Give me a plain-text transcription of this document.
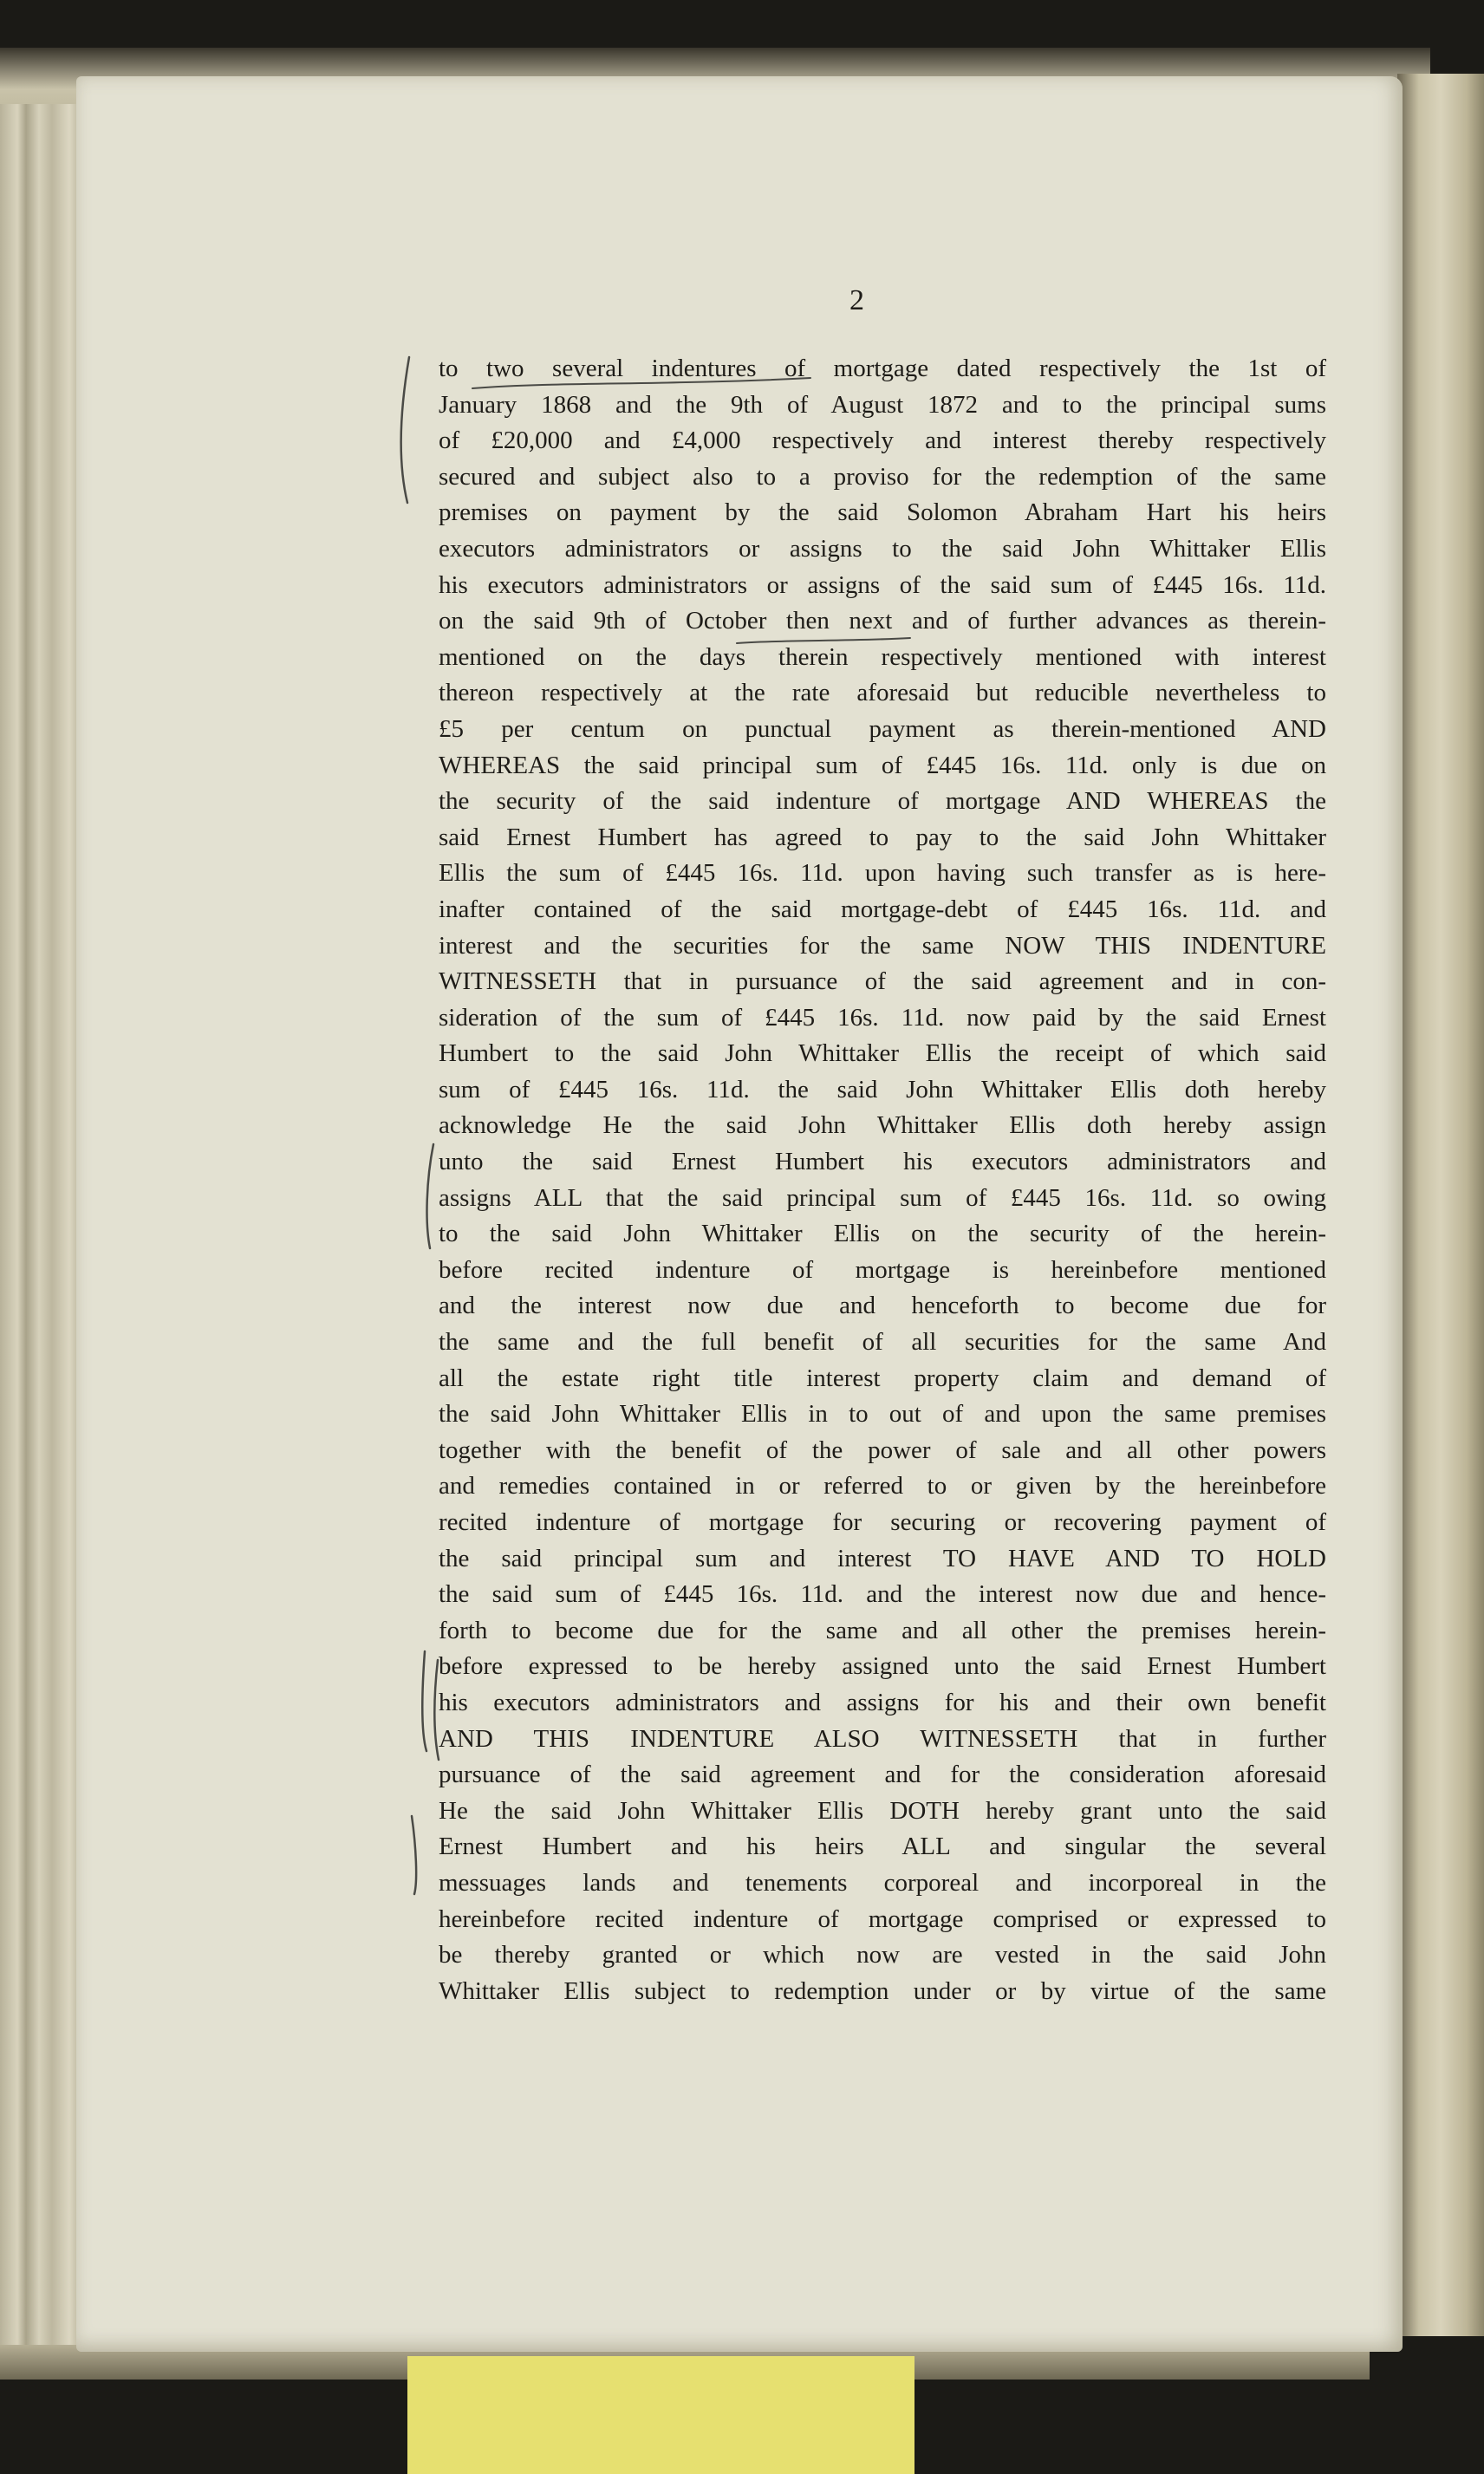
2
to two several indentures of mortgage dated respectively the 1st of
January 1868 and the 9th of August 1872 and to the principal sums
of £20,000 and £4,000 respectively and interest thereby respectively
secured and subject also to a proviso for the redemption of the same
premises on payment by the said Solomon Abraham Hart his heirs
executors administrators or assigns to the said John Whittaker Ellis
his executors administrators or assigns of the said sum of £445 16s. 11d.
on the said 9th of October then next and of further advances as therein-
mentioned on the days therein respectively mentioned with interest
thereon respectively at the rate aforesaid but reducible nevertheless to
£5 per centum on punctual payment as therein-mentioned AND
WHEREAS the said principal sum of £445 16s. 11d. only is due on
the security of the said indenture of mortgage AND WHEREAS the
said Ernest Humbert has agreed to pay to the said John Whittaker
Ellis the sum of £445 16s. 11d. upon having such transfer as is here-
inafter contained of the said mortgage-debt of £445 16s. 11d. and
interest and the securities for the same NOW THIS INDENTURE
WITNESSETH that in pursuance of the said agreement and in con-
sideration of the sum of £445 16s. 11d. now paid by the said Ernest
Humbert to the said John Whittaker Ellis the receipt of which said
sum of £445 16s. 11d. the said John Whittaker Ellis doth hereby
acknowledge He the said John Whittaker Ellis doth hereby assign
unto the said Ernest Humbert his executors administrators and
assigns ALL that the said principal sum of £445 16s. 11d. so owing
to the said John Whittaker Ellis on the security of the herein-
before recited indenture of mortgage is hereinbefore mentioned
and the interest now due and henceforth to become due for
the same and the full benefit of all securities for the same And
all the estate right title interest property claim and demand of
the said John Whittaker Ellis in to out of and upon the same premises
together with the benefit of the power of sale and all other powers
and remedies contained in or referred to or given by the hereinbefore
recited indenture of mortgage for securing or recovering payment of
the said principal sum and interest TO HAVE AND TO HOLD
the said sum of £445 16s. 11d. and the interest now due and hence-
forth to become due for the same and all other the premises herein-
before expressed to be hereby assigned unto the said Ernest Humbert
his executors administrators and assigns for his and their own benefit
AND THIS INDENTURE ALSO WITNESSETH that in further
pursuance of the said agreement and for the consideration aforesaid
He the said John Whittaker Ellis DOTH hereby grant unto the said
Ernest Humbert and his heirs ALL and singular the several
messuages lands and tenements corporeal and incorporeal in the
hereinbefore recited indenture of mortgage comprised or expressed to
be thereby granted or which now are vested in the said John
Whittaker Ellis subject to redemption under or by virtue of the same
